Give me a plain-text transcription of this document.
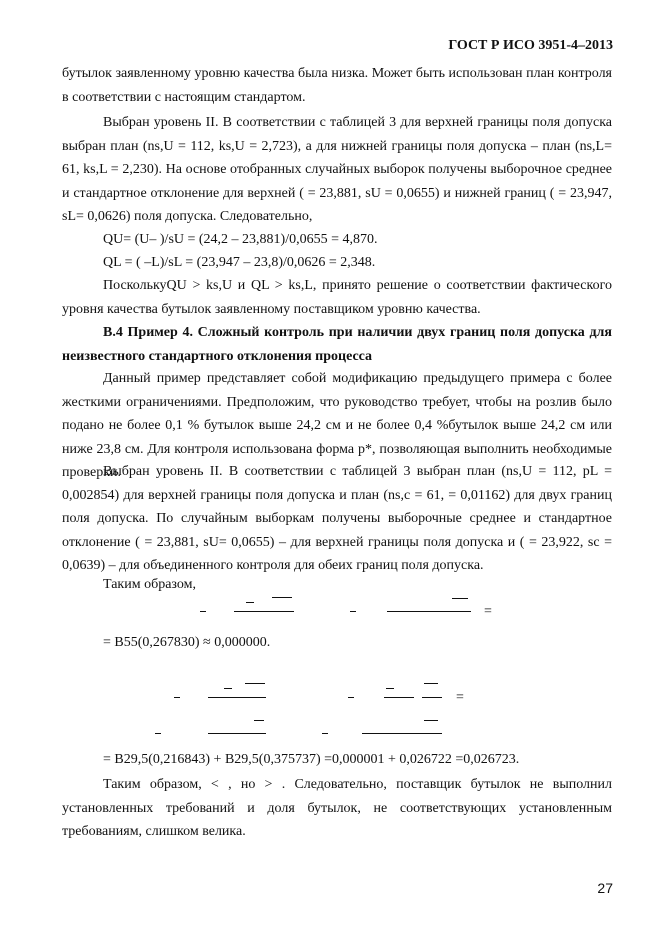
ГОСТ Р ИСО 3951-4–2013

бутылок заявленному уровню качества была низка. Может быть использован план контроля в соответствии с настоящим стандартом.

Выбран уровень II. В соответствии с таблицей 3 для верхней границы поля допуска выбран план (ns,U = 112, ks,U = 2,723), а для нижней границы поля допуска – план (ns,L= 61, ks,L = 2,230). На основе отобранных случайных выборок получены выборочное среднее и стандартное отклонение для верхней ( = 23,881, sU = 0,0655) и нижней границ ( = 23,947, sL= 0,0626) поля допуска. Следовательно,

QU= (U– )/sU = (24,2 – 23,881)/0,0655 = 4,870.
QL = ( –L)/sL = (23,947 – 23,8)/0,0626 = 2,348.

ПосколькуQU > ks,U и QL > ks,L, принято решение о соответствии фактического уровня качества бутылок заявленному поставщиком уровню качества.

В.4 Пример 4. Сложный контроль при наличии двух границ поля допуска для неизвестного стандартного отклонения процесса

Данный пример представляет собой модификацию предыдущего примера с более жесткими ограничениями. Предположим, что руководство требует, чтобы на розлив было подано не более 0,1 % бутылок выше 24,2 см и не более 0,4 %бутылок выше 24,2 см или ниже 23,8 см. Для контроля использована форма p*, позволяющая выполнить необходимые проверки.

Выбран уровень II. В соответствии с таблицей 3 выбран план (ns,U = 112, pL = 0,002854) для верхней границы поля допуска и план (ns,c = 61, = 0,01162) для двух границ поля допуска. По случайным выборкам получены выборочные среднее и стандартное отклонение ( = 23,881, sU= 0,0655) – для верхней границы поля допуска и ( = 23,922, sc = 0,0639) – для объединенного контроля для обеих границ поля допуска.

Таким образом,

=
= B55(0,267830) ≈ 0,000000.
=
= B29,5(0,216843) + B29,5(0,375737) =0,000001 + 0,026722 =0,026723.

Таким образом, < , но > . Следовательно, поставщик бутылок не выполнил установленных требований и доля бутылок, не соответствующих установленным требованиям, слишком велика.

27
